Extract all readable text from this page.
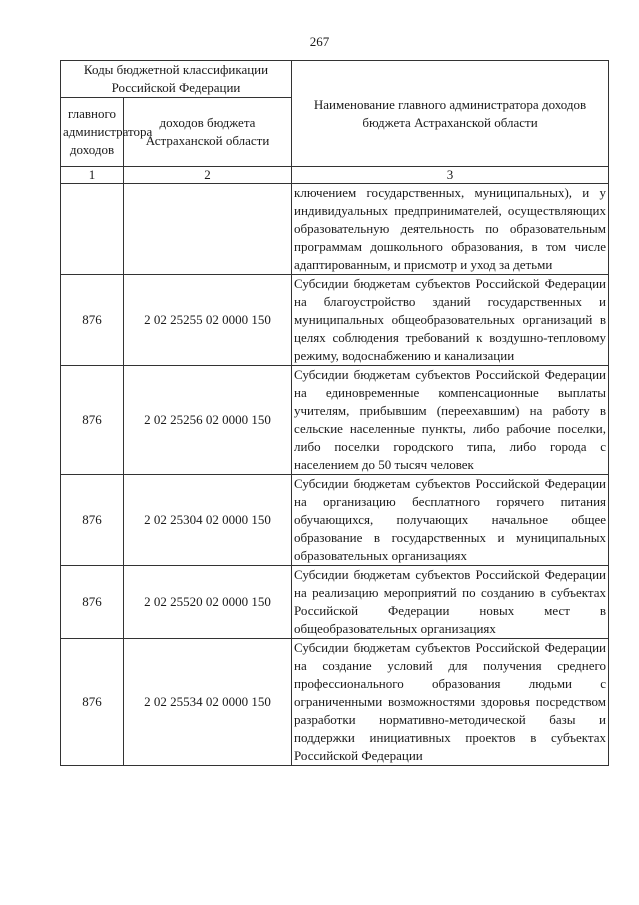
267
Коды бюджетной классификации Российской Федерации		Наименование главного администратора доходов бюджета Астраханской области
главного администратора доходов	доходов бюджета Астраханской области	
1	2	3
		ключением государственных, муниципальных), и у индивидуальных предпринимателей, осуществляющих образовательную деятельность по образовательным программам дошкольного образования, в том числе адаптированным, и присмотр и уход за детьми
876	2 02 25255 02 0000 150	Субсидии бюджетам субъектов Российской Федерации на благоустройство зданий государственных и муниципальных общеобразовательных организаций в целях соблюдения требований к воздушно-тепловому режиму, водоснабжению и канализации
876	2 02 25256 02 0000 150	Субсидии бюджетам субъектов Российской Федерации на единовременные компенсационные выплаты учителям, прибывшим (переехавшим) на работу в сельские населенные пункты, либо рабочие поселки, либо поселки городского типа, либо города с населением до 50 тысяч человек
876	2 02 25304 02 0000 150	Субсидии бюджетам субъектов Российской Федерации на организацию бесплатного горячего питания обучающихся, получающих начальное общее образование в государственных и муниципальных образовательных организациях
876	2 02 25520 02 0000 150	Субсидии бюджетам субъектов Российской Федерации на реализацию мероприятий по созданию в субъектах Российской Федерации новых мест в общеобразовательных организациях
876	2 02 25534 02 0000 150	Субсидии бюджетам субъектов Российской Федерации на создание условий для получения среднего профессионального образования людьми с ограниченными возможностями здоровья посредством разработки нормативно-методической базы и поддержки инициативных проектов в субъектах Российской Федерации
